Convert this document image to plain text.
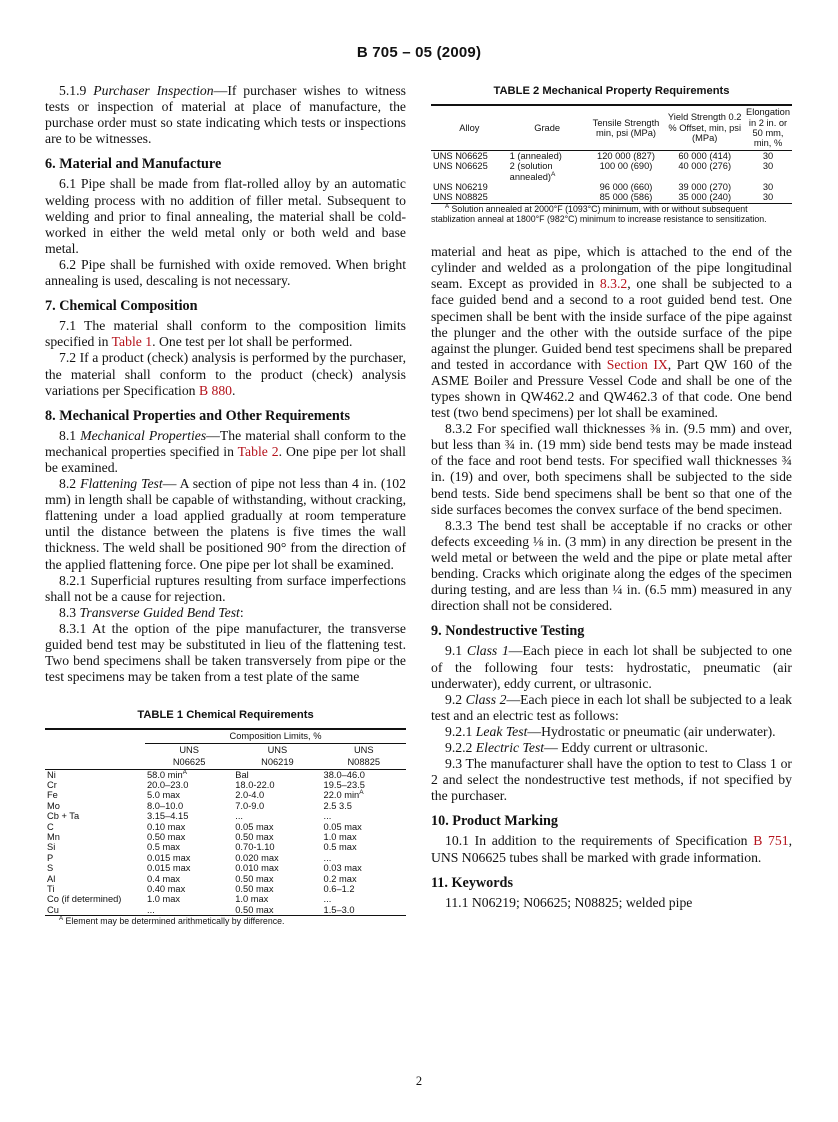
B 705 – 05 (2009)

5.1.9 Purchaser Inspection—If purchaser wishes to witness tests or inspection of material at place of manufacture, the purchase order must so state indicating which tests or inspections are to be witnesses.

6. Material and Manufacture

6.1 Pipe shall be made from flat-rolled alloy by an automatic welding process with no addition of filler metal. Subsequent to welding and prior to final annealing, the material shall be cold-worked in either the weld metal only or both weld and base metal.

6.2 Pipe shall be furnished with oxide removed. When bright annealing is used, descaling is not necessary.

7. Chemical Composition

7.1 The material shall conform to the composition limits specified in Table 1. One test per lot shall be performed.

7.2 If a product (check) analysis is performed by the purchaser, the material shall conform to the product (check) analysis variations per Specification B 880.

8. Mechanical Properties and Other Requirements

8.1 Mechanical Properties—The material shall conform to the mechanical properties specified in Table 2. One pipe per lot shall be examined.

8.2 Flattening Test— A section of pipe not less than 4 in. (102 mm) in length shall be capable of withstanding, without cracking, flattening under a load applied gradually at room temperature until the distance between the platens is five times the wall thickness. The weld shall be positioned 90° from the direction of the applied flattening force. One pipe per lot shall be examined.

8.2.1 Superficial ruptures resulting from surface imperfections shall not be a cause for rejection.

8.3 Transverse Guided Bend Test:

8.3.1 At the option of the pipe manufacturer, the transverse guided bend test may be substituted in lieu of the flattening test. Two bend specimens shall be taken transversely from pipe or the test specimens may be taken from a test plate of the same

TABLE 1 Chemical Requirements
	Composition Limits, %		
	UNS	UNS	UNS
	N06625	N06219	N08825
Ni	58.0 $\min^A$	Bal	38.0–46.0
Cr	20.0–23.0	18.0-22.0	19.5–23.5
Fe	5.0 max	2.0-4.0	22.0 $\min^A$
Mo	8.0–10.0	7.0-9.0	2.5 3.5
Cb + Ta	3.15–4.15	...	...
C	0.10 max	0.05 max	0.05 max
Mn	0.50 max	0.50 max	1.0 max
Si	0.5 max	0.70-1.10	0.5 max
P	0.015 max	0.020 max	...
S	0.015 max	0.010 max	0.03 max
Al	0.4 max	0.50 max	0.2 max
Ti	0.40 max	0.50 max	0.6–1.2
Co (if determined)	1.0 max	1.0 max	...
Cu	...	0.50 max	1.5–3.0

$^A$ Element may be determined arithmetically by difference.

TABLE 2 Mechanical Property Requirements
Alloy	Grade	Tensile Strength min, psi (MPa)	Yield Strength 0.2 % Offset, min, psi (MPa)	Elongation in 2 in. or 50 mm, min, %
UNS N06625	1 (annealed)	120 000 (827)	60 000 (414)	30
UNS N06625	2 (solution annealed)$^A$	100 00 (690)	40 000 (276)	30
UNS N06219		96 000 (660)	39 000 (270)	30
UNS N08825		85 000 (586)	35 000 (240)	30

$^A$ Solution annealed at 2000°F (1093°C) minimum, with or without subsequent stablization anneal at 1800°F (982°C) minimum to increase resistance to sensitization.

material and heat as pipe, which is attached to the end of the cylinder and welded as a prolongation of the pipe longitudinal seam. Except as provided in 8.3.2, one shall be subjected to a face guided bend and a second to a root guided bend test. One specimen shall be bent with the inside surface of the pipe against the plunger and the other with the outside surface of the pipe against the plunger. Guided bend test specimens shall be prepared and tested in accordance with Section IX, Part QW 160 of the ASME Boiler and Pressure Vessel Code and shall be one of the types shown in QW462.2 and QW462.3 of that code. One bend test (two bend specimens) per lot shall be examined.

8.3.2 For specified wall thicknesses ⅜ in. (9.5 mm) and over, but less than ¾ in. (19 mm) side bend tests may be made instead of the face and root bend tests. For specified wall thicknesses ¾ in. (19) and over, both specimens shall be subjected to the side bend tests. Side bend specimens shall be bent so that one of the side surfaces becomes the convex surface of the bend specimen.

8.3.3 The bend test shall be acceptable if no cracks or other defects exceeding ⅛ in. (3 mm) in any direction be present in the weld metal or between the weld and the pipe or plate metal after bending. Cracks which originate along the edges of the specimen during testing, and are less than ¼ in. (6.5 mm) measured in any direction shall not be considered.

9. Nondestructive Testing

9.1 Class 1—Each piece in each lot shall be subjected to one of the following four tests: hydrostatic, pneumatic (air underwater), eddy current, or ultrasonic.

9.2 Class 2—Each piece in each lot shall be subjected to a leak test and an electric test as follows:

9.2.1 Leak Test—Hydrostatic or pneumatic (air underwater).

9.2.2 Electric Test— Eddy current or ultrasonic.

9.3 The manufacturer shall have the option to test to Class 1 or 2 and select the nondestructive test methods, if not specified by the purchaser.

10. Product Marking

10.1 In addition to the requirements of Specification B 751, UNS N06625 tubes shall be marked with grade information.

11. Keywords

11.1 N06219; N06625; N08825; welded pipe

2
